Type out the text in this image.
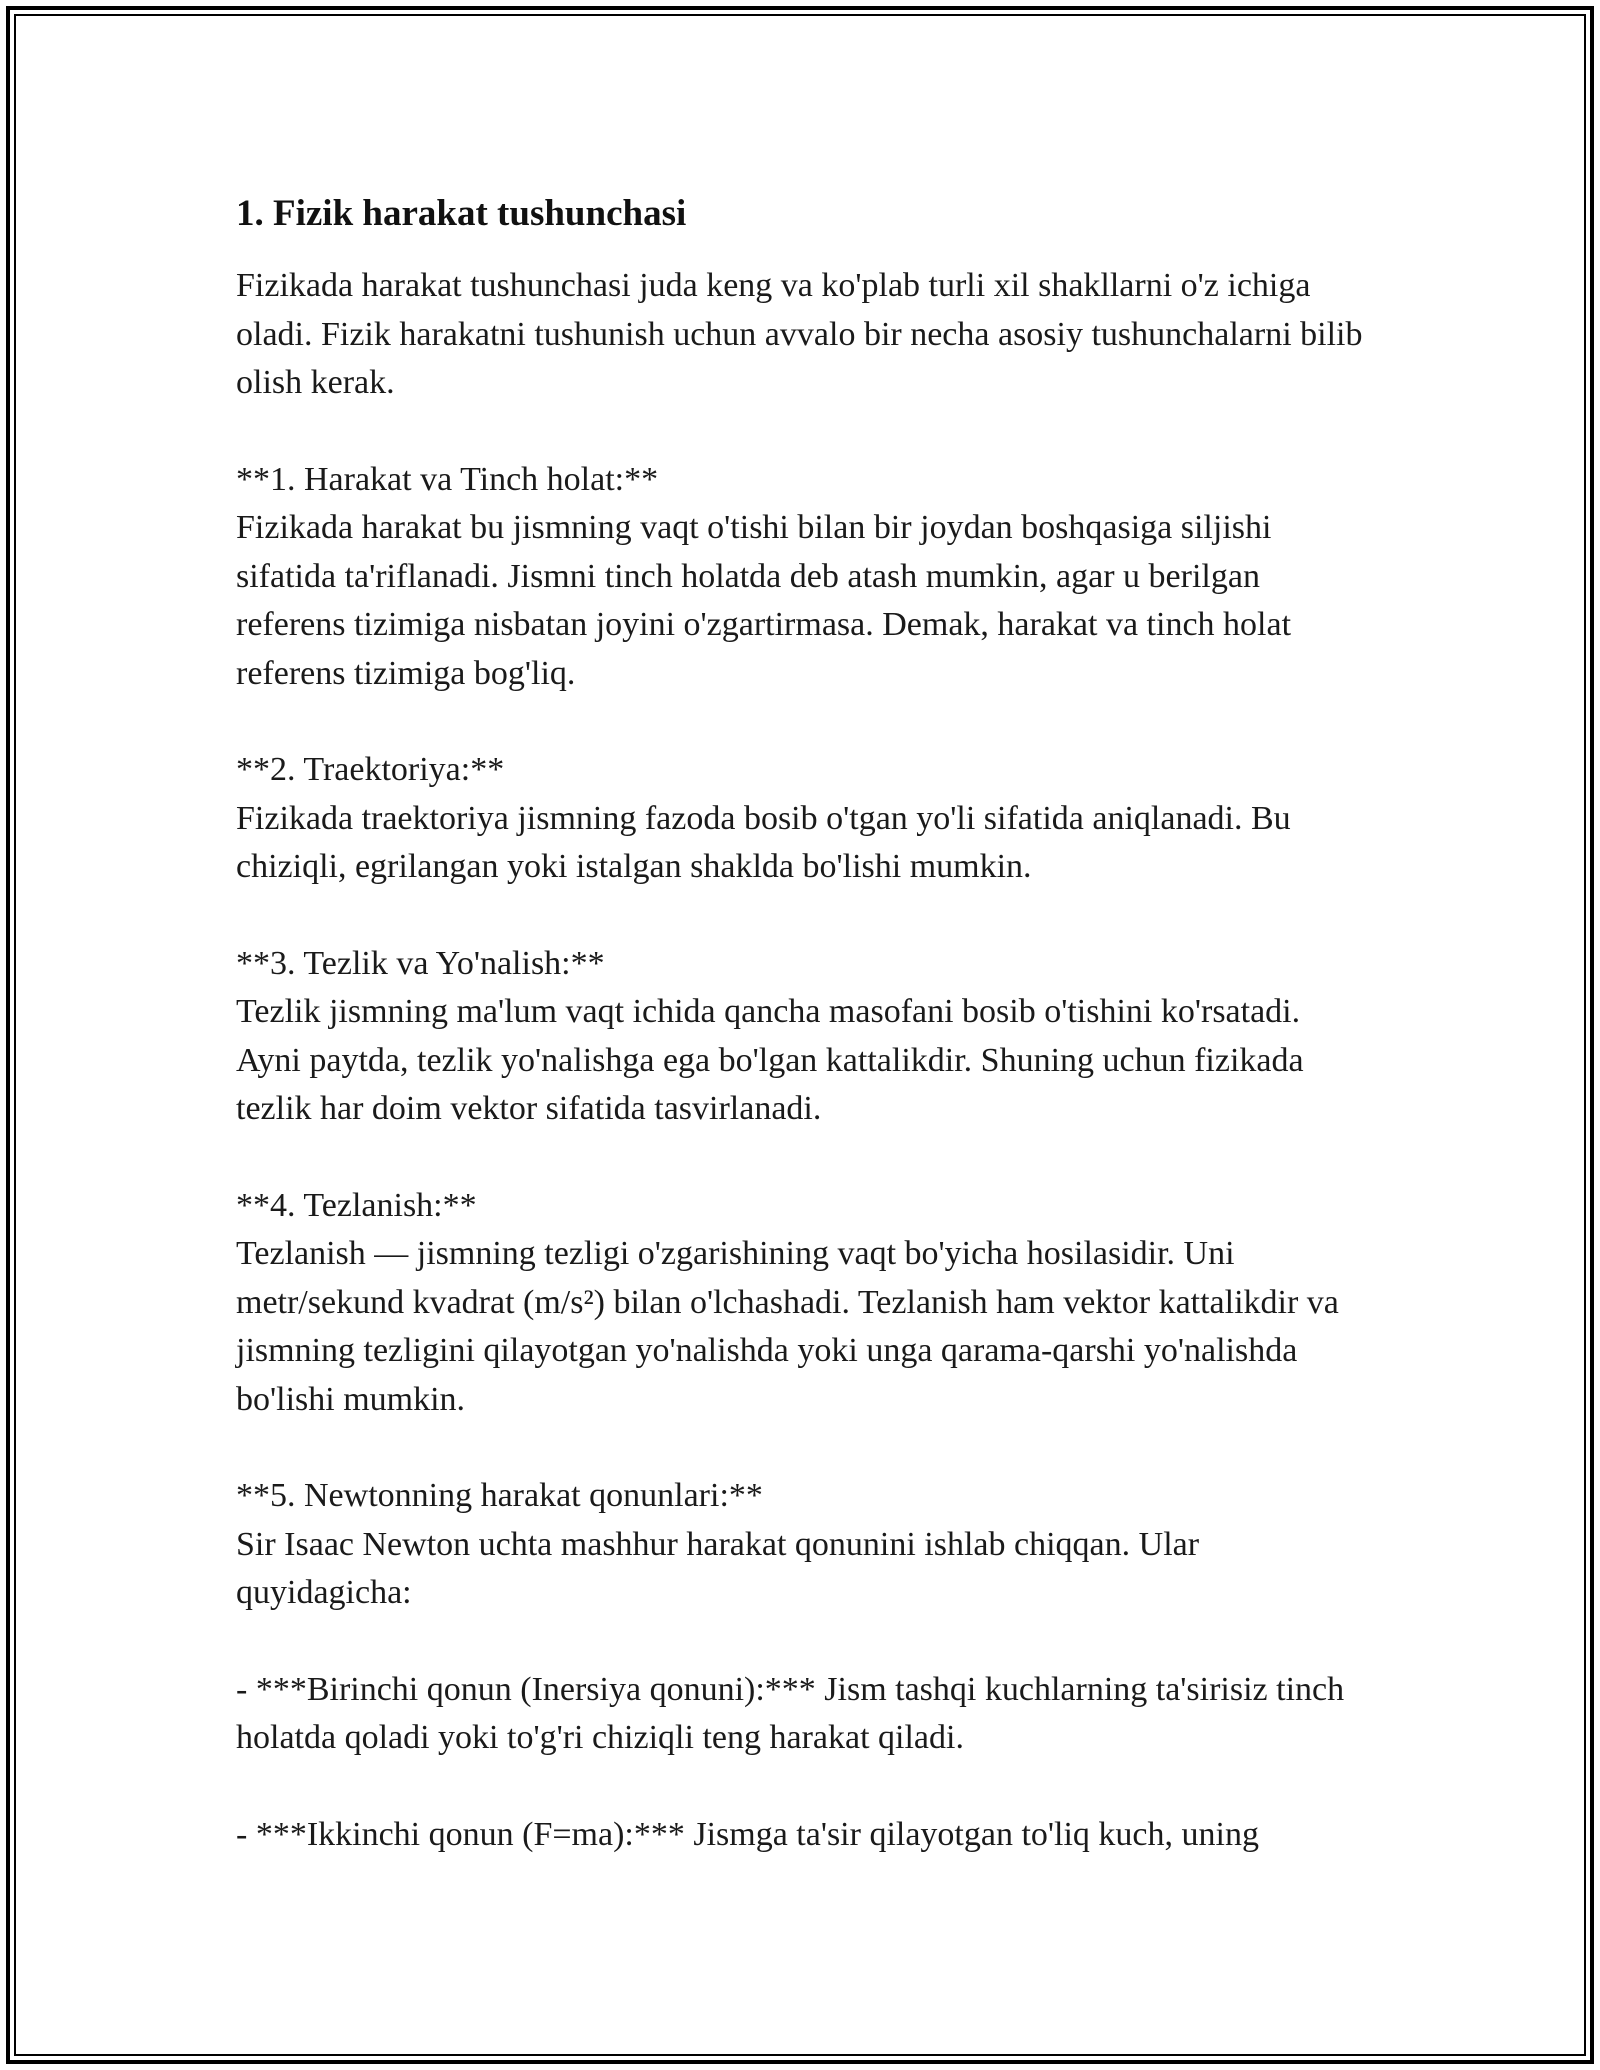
1. Fizik harakat tushunchasi

Fizikada harakat tushunchasi juda keng va ko'plab turli xil shakllarni o'z ichiga oladi. Fizik harakatni tushunish uchun avvalo bir necha asosiy tushunchalarni bilib olish kerak.

**1. Harakat va Tinch holat:**

Fizikada harakat bu jismning vaqt o'tishi bilan bir joydan boshqasiga siljishi sifatida ta'riflanadi. Jismni tinch holatda deb atash mumkin, agar u berilgan referens tizimiga nisbatan joyini o'zgartirmasa. Demak, harakat va tinch holat referens tizimiga bog'liq.

**2. Traektoriya:**

Fizikada traektoriya jismning fazoda bosib o'tgan yo'li sifatida aniqlanadi. Bu chiziqli, egrilangan yoki istalgan shaklda bo'lishi mumkin.

**3. Tezlik va Yo'nalish:**

Tezlik jismning ma'lum vaqt ichida qancha masofani bosib o'tishini ko'rsatadi. Ayni paytda, tezlik yo'nalishga ega bo'lgan kattalikdir. Shuning uchun fizikada tezlik har doim vektor sifatida tasvirlanadi.

**4. Tezlanish:**

Tezlanish — jismning tezligi o'zgarishining vaqt bo'yicha hosilasidir. Uni metr/sekund kvadrat (m/s²) bilan o'lchashadi. Tezlanish ham vektor kattalikdir va jismning tezligini qilayotgan yo'nalishda yoki unga qarama-qarshi yo'nalishda bo'lishi mumkin.

**5. Newtonning harakat qonunlari:**

Sir Isaac Newton uchta mashhur harakat qonunini ishlab chiqqan. Ular quyidagicha:

- ***Birinchi qonun (Inersiya qonuni):*** Jism tashqi kuchlarning ta'sirisiz tinch holatda qoladi yoki to'g'ri chiziqli teng harakat qiladi.

- ***Ikkinchi qonun (F=ma):*** Jismga ta'sir qilayotgan to'liq kuch, uning
